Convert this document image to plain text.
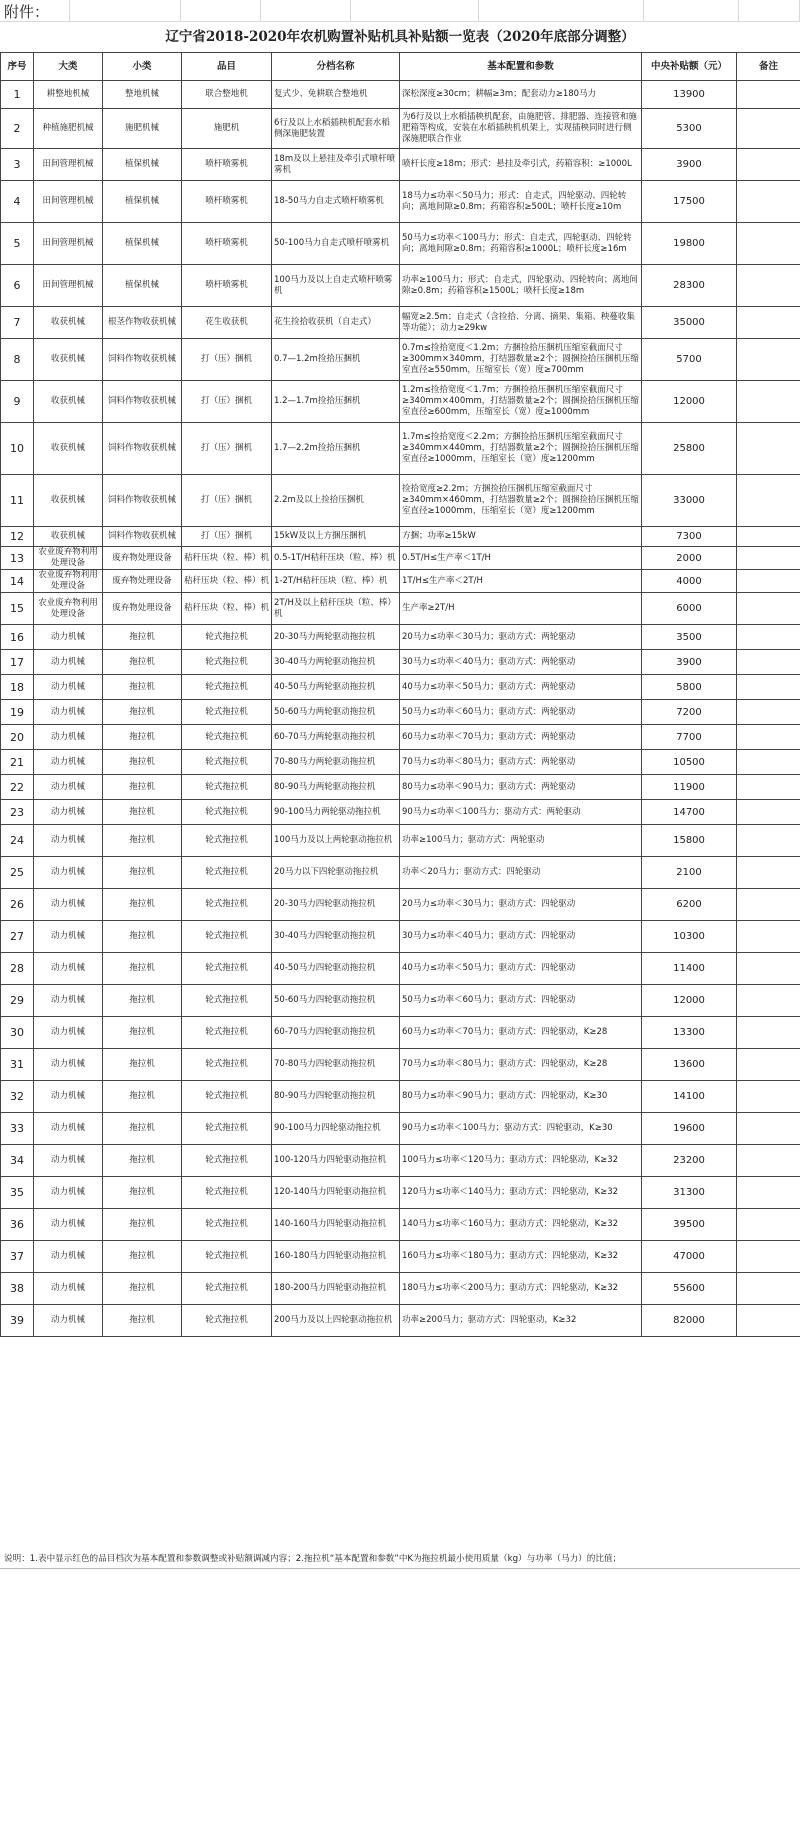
附件：
辽宁省2018-2020年农机购置补贴机具补贴额一览表（2020年底部分调整）
序号	大类	小类	品目	分档名称	基本配置和参数	中央补贴额（元）	备注
1	耕整地机械	整地机械	联合整地机	复式少、免耕联合整地机	深松深度≥30cm；耕幅≥3m；配套动力≥180马力	13900	
2	种植施肥机械	施肥机械	施肥机	6行及以上水稻插秧机配套水稻侧深施肥装置	为6行及以上水稻插秧机配套，由施肥管、排肥器、连接管和施肥箱等构成，安装在水稻插秧机机架上，实现插秧同时进行侧深施肥联合作业	5300	
3	田间管理机械	植保机械	喷杆喷雾机	18m及以上悬挂及牵引式喷杆喷雾机	喷杆长度≥18m；形式：悬挂及牵引式，药箱容积：≥1000L	3900	
4	田间管理机械	植保机械	喷杆喷雾机	18-50马力自走式喷杆喷雾机	18马力≤功率＜50马力；形式：自走式，四轮驱动、四轮转向；离地间隙≥0.8m；药箱容积≥500L；喷杆长度≥10m	17500	
5	田间管理机械	植保机械	喷杆喷雾机	50-100马力自走式喷杆喷雾机	50马力≤功率＜100马力；形式：自走式，四轮驱动、四轮转向；离地间隙≥0.8m；药箱容积≥1000L；喷杆长度≥16m	19800	
6	田间管理机械	植保机械	喷杆喷雾机	100马力及以上自走式喷杆喷雾机	功率≥100马力；形式：自走式，四轮驱动、四轮转向；离地间隙≥0.8m；药箱容积≥1500L；喷杆长度≥18m	28300	
7	收获机械	根茎作物收获机械	花生收获机	花生捡拾收获机（自走式）	幅宽≥2.5m；自走式（含捡拾、分离、摘果、集箱、秧蔓收集等功能）；动力≥29kw	35000	
8	收获机械	饲料作物收获机械	打（压）捆机	0.7—1.2m捡拾压捆机	0.7m≤捡拾宽度＜1.2m；方捆捡拾压捆机压缩室截面尺寸≥300mm×340mm，打结器数量≥2个；圆捆捡拾压捆机压缩室直径≥550mm，压缩室长（宽）度≥700mm	5700	
9	收获机械	饲料作物收获机械	打（压）捆机	1.2—1.7m捡拾压捆机	1.2m≤捡拾宽度＜1.7m；方捆捡拾压捆机压缩室截面尺寸≥340mm×400mm，打结器数量≥2个；圆捆捡拾压捆机压缩室直径≥600mm，压缩室长（宽）度≥1000mm	12000	
10	收获机械	饲料作物收获机械	打（压）捆机	1.7—2.2m捡拾压捆机	1.7m≤捡拾宽度＜2.2m；方捆捡拾压捆机压缩室截面尺寸≥340mm×440mm，打结器数量≥2个；圆捆捡拾压捆机压缩室直径≥1000mm，压缩室长（宽）度≥1200mm	25800	
11	收获机械	饲料作物收获机械	打（压）捆机	2.2m及以上捡拾压捆机	捡拾宽度≥2.2m；方捆捡拾压捆机压缩室截面尺寸≥340mm×460mm，打结器数量≥2个；圆捆捡拾压捆机压缩室直径≥1000mm，压缩室长（宽）度≥1200mm	33000	
12	收获机械	饲料作物收获机械	打（压）捆机	15kW及以上方捆压捆机	方捆；功率≥15kW	7300	
13	农业废弃物利用处理设备	废弃物处理设备	秸秆压块（粒、棒）机	0.5-1T/H秸秆压块（粒、棒）机	0.5T/H≤生产率＜1T/H	2000	
14	农业废弃物利用处理设备	废弃物处理设备	秸秆压块（粒、棒）机	1-2T/H秸秆压块（粒、棒）机	1T/H≤生产率＜2T/H	4000	
15	农业废弃物利用处理设备	废弃物处理设备	秸秆压块（粒、棒）机	2T/H及以上秸秆压块（粒、棒）机	生产率≥2T/H	6000	
16	动力机械	拖拉机	轮式拖拉机	20-30马力两轮驱动拖拉机	20马力≤功率＜30马力；驱动方式：两轮驱动	3500	
17	动力机械	拖拉机	轮式拖拉机	30-40马力两轮驱动拖拉机	30马力≤功率＜40马力；驱动方式：两轮驱动	3900	
18	动力机械	拖拉机	轮式拖拉机	40-50马力两轮驱动拖拉机	40马力≤功率＜50马力；驱动方式：两轮驱动	5800	
19	动力机械	拖拉机	轮式拖拉机	50-60马力两轮驱动拖拉机	50马力≤功率＜60马力；驱动方式：两轮驱动	7200	
20	动力机械	拖拉机	轮式拖拉机	60-70马力两轮驱动拖拉机	60马力≤功率＜70马力；驱动方式：两轮驱动	7700	
21	动力机械	拖拉机	轮式拖拉机	70-80马力两轮驱动拖拉机	70马力≤功率＜80马力；驱动方式：两轮驱动	10500	
22	动力机械	拖拉机	轮式拖拉机	80-90马力两轮驱动拖拉机	80马力≤功率＜90马力；驱动方式：两轮驱动	11900	
23	动力机械	拖拉机	轮式拖拉机	90-100马力两轮驱动拖拉机	90马力≤功率＜100马力；驱动方式：两轮驱动	14700	
24	动力机械	拖拉机	轮式拖拉机	100马力及以上两轮驱动拖拉机	功率≥100马力；驱动方式：两轮驱动	15800	
25	动力机械	拖拉机	轮式拖拉机	20马力以下四轮驱动拖拉机	功率＜20马力；驱动方式：四轮驱动	2100	
26	动力机械	拖拉机	轮式拖拉机	20-30马力四轮驱动拖拉机	20马力≤功率＜30马力；驱动方式：四轮驱动	6200	
27	动力机械	拖拉机	轮式拖拉机	30-40马力四轮驱动拖拉机	30马力≤功率＜40马力；驱动方式：四轮驱动	10300	
28	动力机械	拖拉机	轮式拖拉机	40-50马力四轮驱动拖拉机	40马力≤功率＜50马力；驱动方式：四轮驱动	11400	
29	动力机械	拖拉机	轮式拖拉机	50-60马力四轮驱动拖拉机	50马力≤功率＜60马力；驱动方式：四轮驱动	12000	
30	动力机械	拖拉机	轮式拖拉机	60-70马力四轮驱动拖拉机	60马力≤功率＜70马力；驱动方式：四轮驱动，K≥28	13300	
31	动力机械	拖拉机	轮式拖拉机	70-80马力四轮驱动拖拉机	70马力≤功率＜80马力；驱动方式：四轮驱动，K≥28	13600	
32	动力机械	拖拉机	轮式拖拉机	80-90马力四轮驱动拖拉机	80马力≤功率＜90马力；驱动方式：四轮驱动，K≥30	14100	
33	动力机械	拖拉机	轮式拖拉机	90-100马力四轮驱动拖拉机	90马力≤功率＜100马力；驱动方式：四轮驱动，K≥30	19600	
34	动力机械	拖拉机	轮式拖拉机	100-120马力四轮驱动拖拉机	100马力≤功率＜120马力；驱动方式：四轮驱动，K≥32	23200	
35	动力机械	拖拉机	轮式拖拉机	120-140马力四轮驱动拖拉机	120马力≤功率＜140马力；驱动方式：四轮驱动，K≥32	31300	
36	动力机械	拖拉机	轮式拖拉机	140-160马力四轮驱动拖拉机	140马力≤功率＜160马力；驱动方式：四轮驱动，K≥32	39500	
37	动力机械	拖拉机	轮式拖拉机	160-180马力四轮驱动拖拉机	160马力≤功率＜180马力；驱动方式：四轮驱动，K≥32	47000	
38	动力机械	拖拉机	轮式拖拉机	180-200马力四轮驱动拖拉机	180马力≤功率＜200马力；驱动方式：四轮驱动，K≥32	55600	
39	动力机械	拖拉机	轮式拖拉机	200马力及以上四轮驱动拖拉机	功率≥200马力；驱动方式：四轮驱动，K≥32	82000	
说明：1.表中显示红色的品目档次为基本配置和参数调整或补贴额调减内容；2.拖拉机“基本配置和参数”中K为拖拉机最小使用质量（kg）与功率（马力）的比值；
